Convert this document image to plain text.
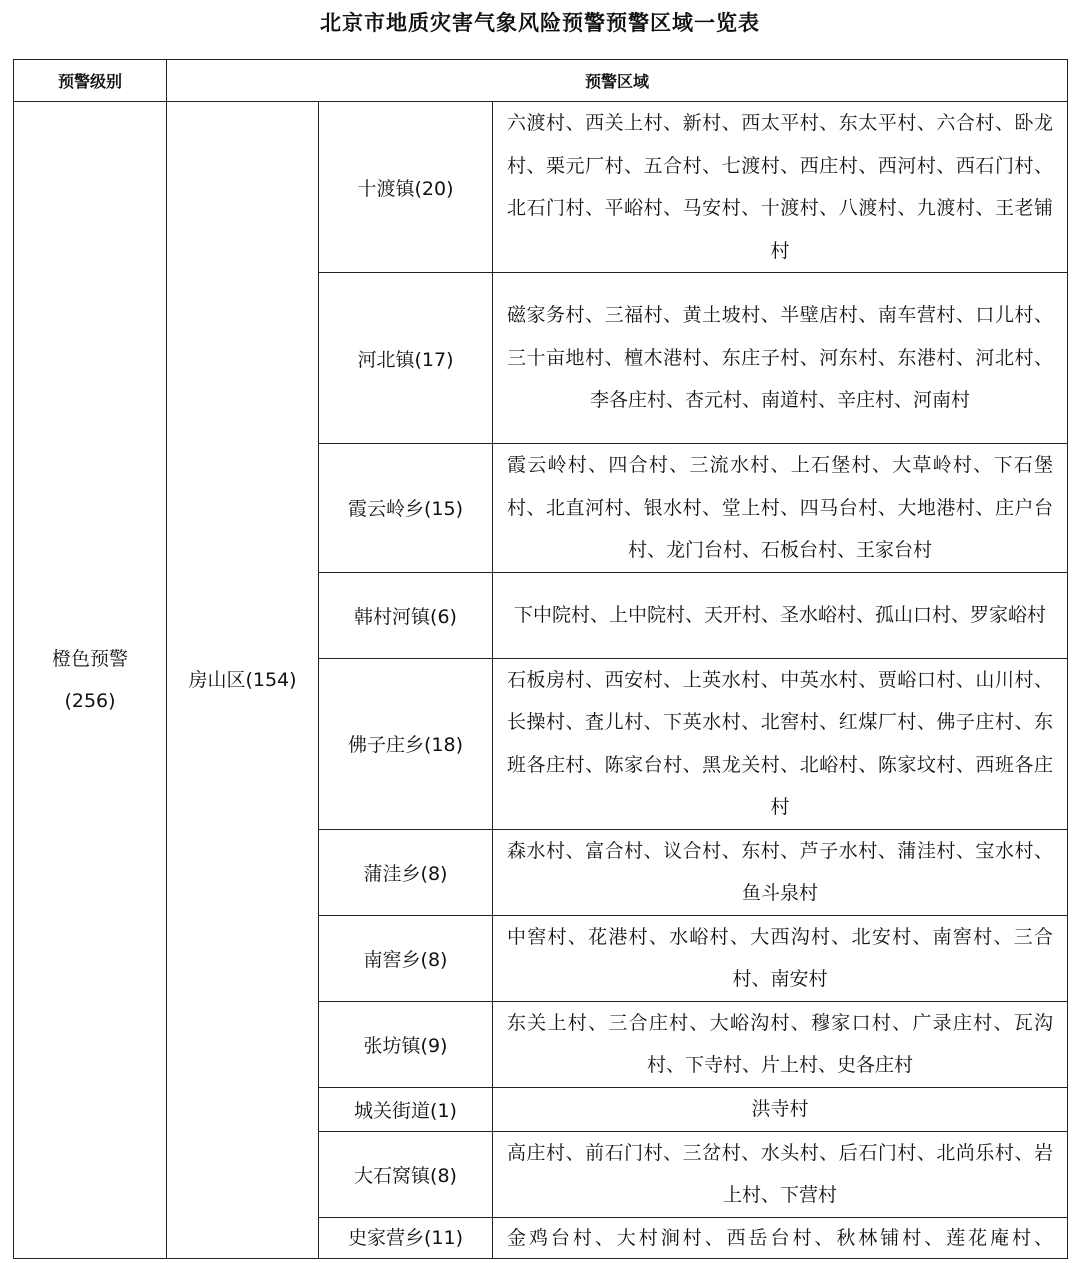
北京市地质灾害气象风险预警预警区域一览表
预警级别	预警区域		

橙色预警
(256)	房山区(154)	十渡镇(20)	六渡村、西关上村、新村、西太平村、东太平村、六合村、卧龙村、栗元厂村、五合村、七渡村、西庄村、西河村、西石门村、北石门村、平峪村、马安村、十渡村、八渡村、九渡村、王老铺村
		河北镇(17)	磁家务村、三福村、黄土坡村、半壁店村、南车营村、口儿村、三十亩地村、檀木港村、东庄子村、河东村、东港村、河北村、李各庄村、杏元村、南道村、辛庄村、河南村
		霞云岭乡(15)	霞云岭村、四合村、三流水村、上石堡村、大草岭村、下石堡村、北直河村、银水村、堂上村、四马台村、大地港村、庄户台村、龙门台村、石板台村、王家台村
		韩村河镇(6)	下中院村、上中院村、天开村、圣水峪村、孤山口村、罗家峪村
		佛子庄乡(18)	石板房村、西安村、上英水村、中英水村、贾峪口村、山川村、长操村、査儿村、下英水村、北窖村、红煤厂村、佛子庄村、东班各庄村、陈家台村、黑龙关村、北峪村、陈家坟村、西班各庄村
		蒲洼乡(8)	森水村、富合村、议合村、东村、芦子水村、蒲洼村、宝水村、鱼斗泉村
		南窖乡(8)	中窖村、花港村、水峪村、大西沟村、北安村、南窖村、三合村、南安村
		张坊镇(9)	东关上村、三合庄村、大峪沟村、穆家口村、广录庄村、瓦沟村、下寺村、片上村、史各庄村
		城关街道(1)	洪寺村
		大石窝镇(8)	高庄村、前石门村、三岔村、水头村、后石门村、北尚乐村、岩上村、下营村
		史家营乡(11)	金鸡台村、大村涧村、西岳台村、秋林铺村、莲花庵村、
